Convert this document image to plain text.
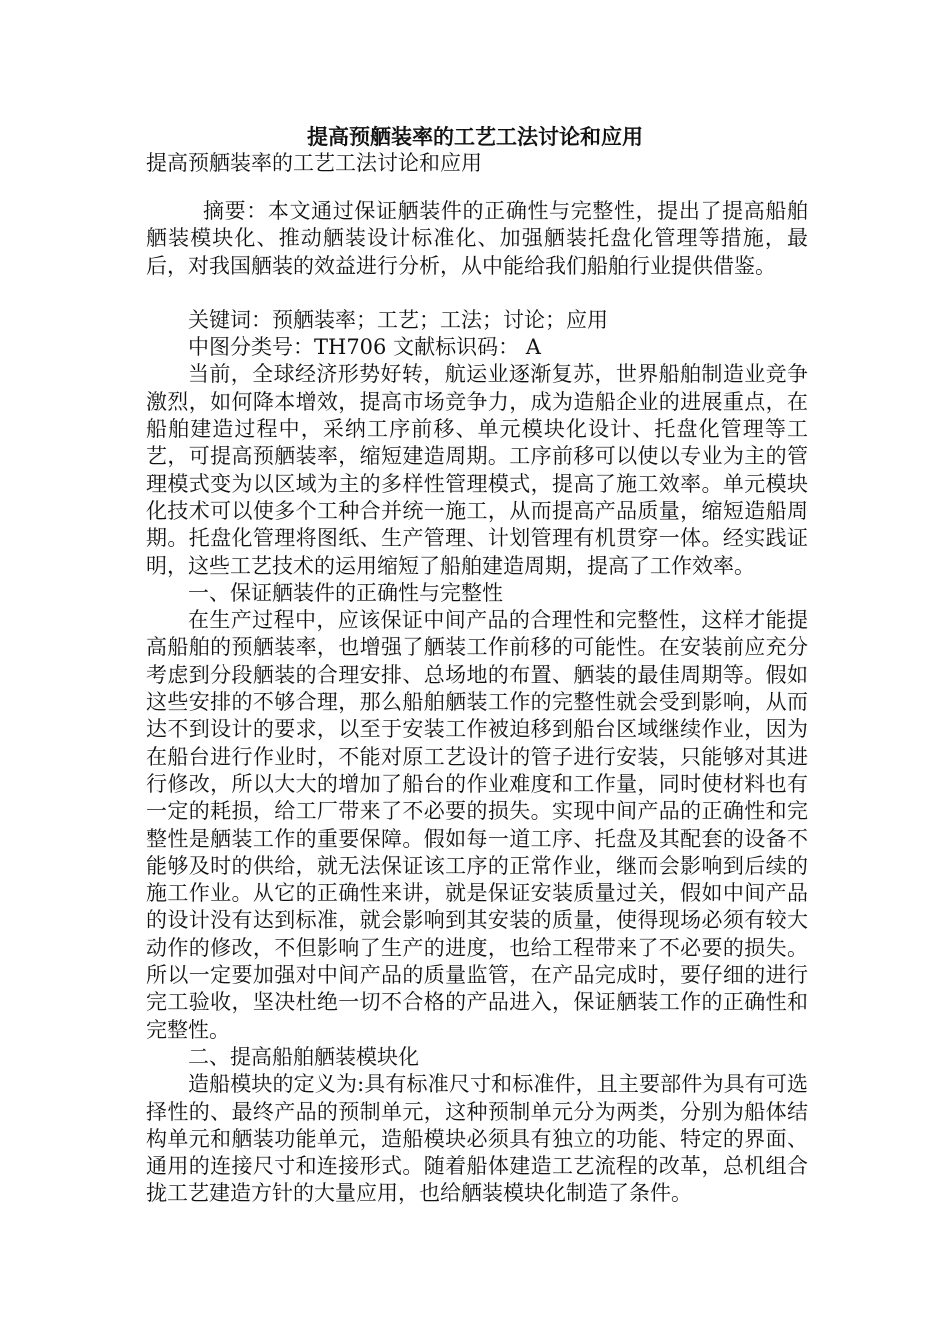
提高预舾装率的工艺工法讨论和应用
提高预舾装率的工艺工法讨论和应用

摘要：本文通过保证舾装件的正确性与完整性，提出了提高船舶舾装模块化、推动舾装设计标准化、加强舾装托盘化管理等措施，最后，对我国舾装的效益进行分析，从中能给我们船舶行业提供借鉴。

关键词：预舾装率；工艺；工法；讨论；应用

中图分类号：TH706 文献标识码： A

当前，全球经济形势好转，航运业逐渐复苏，世界船舶制造业竞争激烈，如何降本增效，提高市场竞争力，成为造船企业的进展重点，在船舶建造过程中，采纳工序前移、单元模块化设计、托盘化管理等工艺，可提高预舾装率，缩短建造周期。工序前移可以使以专业为主的管理模式变为以区域为主的多样性管理模式，提高了施工效率。单元模块化技术可以使多个工种合并统一施工，从而提高产品质量，缩短造船周期。托盘化管理将图纸、生产管理、计划管理有机贯穿一体。经实践证明，这些工艺技术的运用缩短了船舶建造周期，提高了工作效率。

一、保证舾装件的正确性与完整性

在生产过程中，应该保证中间产品的合理性和完整性，这样才能提高船舶的预舾装率，也增强了舾装工作前移的可能性。在安装前应充分考虑到分段舾装的合理安排、总场地的布置、舾装的最佳周期等。假如这些安排的不够合理，那么船舶舾装工作的完整性就会受到影响，从而达不到设计的要求，以至于安装工作被迫移到船台区域继续作业，因为在船台进行作业时，不能对原工艺设计的管子进行安装，只能够对其进行修改，所以大大的增加了船台的作业难度和工作量，同时使材料也有一定的耗损，给工厂带来了不必要的损失。实现中间产品的正确性和完整性是舾装工作的重要保障。假如每一道工序、托盘及其配套的设备不能够及时的供给，就无法保证该工序的正常作业，继而会影响到后续的施工作业。从它的正确性来讲，就是保证安装质量过关，假如中间产品的设计没有达到标准，就会影响到其安装的质量，使得现场必须有较大动作的修改，不但影响了生产的进度，也给工程带来了不必要的损失。所以一定要加强对中间产品的质量监管，在产品完成时，要仔细的进行完工验收，坚决杜绝一切不合格的产品进入，保证舾装工作的正确性和完整性。

二、提高船舶舾装模块化

造船模块的定义为:具有标准尺寸和标准件，且主要部件为具有可选择性的、最终产品的预制单元，这种预制单元分为两类，分别为船体结构单元和舾装功能单元，造船模块必须具有独立的功能、特定的界面、通用的连接尺寸和连接形式。随着船体建造工艺流程的改革，总机组合拢工艺建造方针的大量应用，也给舾装模块化制造了条件。
